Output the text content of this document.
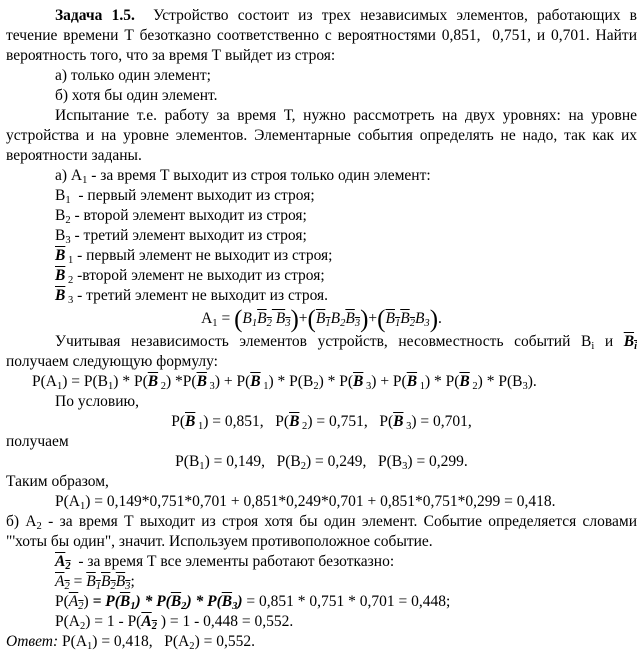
Задача 1.5.  Устройство состоит из трех независимых элементов, работающих в
течение времени Т безотказно соответственно с вероятностями 0,851,  0,751, и 0,701. Найти
вероятность того, что за время Т выйдет из строя:
а) только один элемент;
б) хотя бы один элемент.
Испытание т.е. работу за время Т, нужно рассмотреть на двух уровнях: на уровне
устройства и на уровне элементов. Элементарные события определять не надо, так как их
вероятности заданы.
а) $A_1$ - за время Т выходит из строя только один элемент:
$B_1$  - первый элемент выходит из строя;
$B_2$ - второй элемент выходит из строя;
$B_3$ - третий элемент выходит из строя;
$\overline{B}$ $_1$ - первый элемент не выходит из строя;
$\overline{B}$ $_2$ -второй элемент не выходит из строя;
$\overline{B}$ $_3$ - третий элемент не выходит из строя.
$A_1 = (B_1B_2$ $B_3)+(B_1B_2B_3)+(B_1B_2B_3)$.
Учитывая независимость элементов устройств, несовместность событий $B_i$ и $B_i$
получаем следующую формулу:
$P(A_1) = P(B_1) * P(\overline{B}$ $_2$) $*P(\overline{B}$ $_3) + P(\overline{B}$ $_1) * P(B_2) * P(\overline{B}$ $_3) + P(\overline{B}$ $_1) * P(\overline{B}$ $_2) * P(B_3)$.
По условию,
$P(\overline{B}$ $_1$) = 0,851,   $P(\overline{B}$ $_2$) = 0,751,   $P(\overline{B}$ $_3$) = 0,701,
получаем
$P(B_1) = 0,149$,   $P(B_2) = 0,249$,   $P(B_3) = 0,299$.
Таким образом,
$P(A_1) = 0,149*0,751*0,701 + 0,851*0,249*0,701 + 0,851*0,751*0,299 = 0,418$.
б) $A_2$ - за время Т выходит из строя хотя бы один элемент. Событие определяется словами
"'хоты бы один", значит. Используем противоположное событие.
$A_2$  - за время Т все элементы работают безотказно:
$A_2 = B_1B_2B_3$;
$P(A_2) = P(\overline{B}_1) * P(\overline{B}_2) * P(\overline{B}_3) = 0,851 * 0,751 * 0,701 = 0,448$;
$P(A_2) = 1 - P(A_2$ ) = 1 - 0,448 = 0,552.
Ответ: $P(A_1) = 0,418$,   $P(A_2) = 0,552$.
